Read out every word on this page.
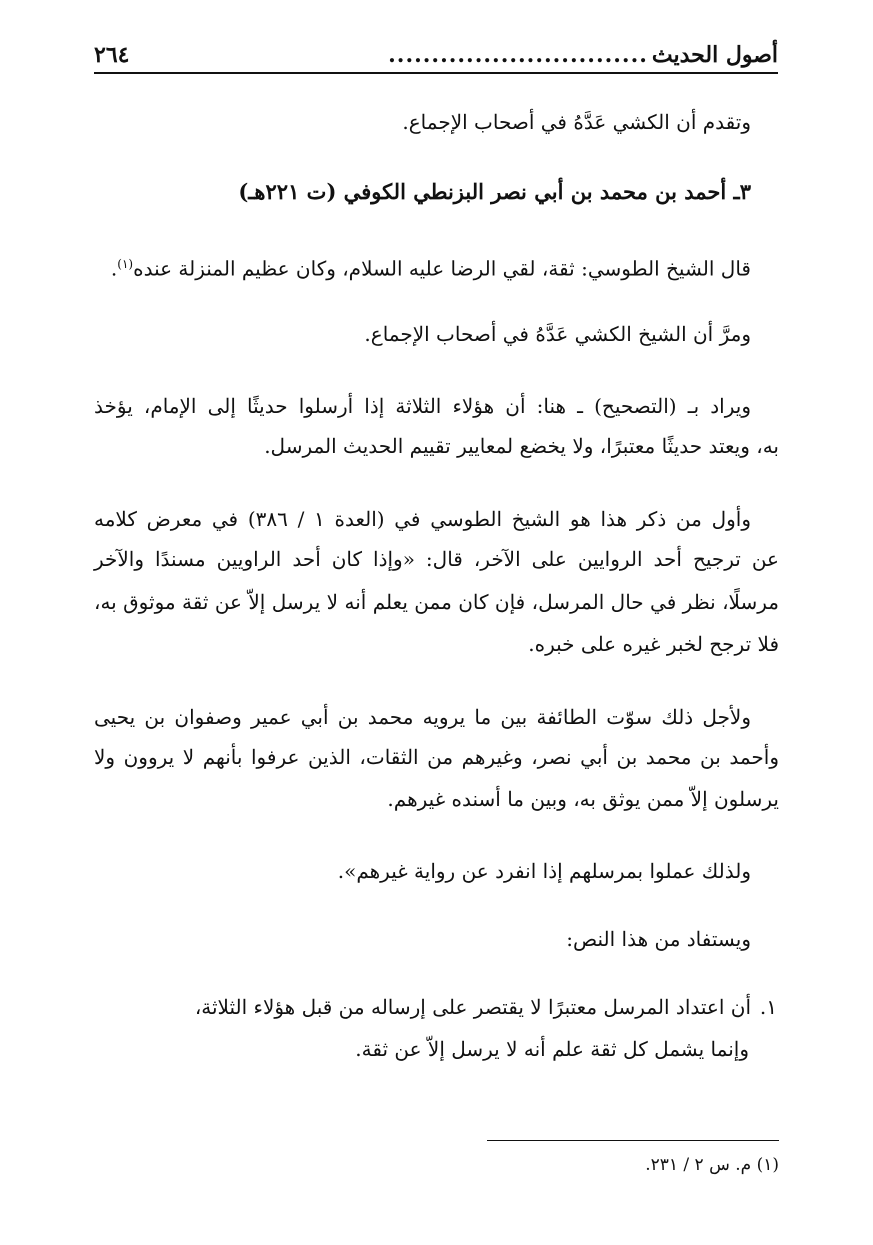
أصول الحديث
..............................
٢٦٤
وتقدم أن الكشي عَدَّهُ في أصحاب الإجماع.
٣ـ أحمد بن محمد بن أبي نصر البزنطي الكوفي (ت ٢٢١هـ)
قال الشيخ الطوسي: ثقة، لقي الرضا عليه السلام، وكان عظيم المنزلة عنده$^{(١)}$.
ومرَّ أن الشيخ الكشي عَدَّهُ في أصحاب الإجماع.
ويراد بـ (التصحيح) ـ هنا: أن هؤلاء الثلاثة إذا أرسلوا حديثًا إلى الإمام، يؤخذ
به، ويعتد حديثًا معتبرًا، ولا يخضع لمعايير تقييم الحديث المرسل.
وأول من ذكر هذا هو الشيخ الطوسي في (العدة ١ / ٣٨٦) في معرض كلامه
عن ترجيح أحد الروايين على الآخر، قال: «وإذا كان أحد الراويين مسندًا والآخر
مرسلًا، نظر في حال المرسل، فإن كان ممن يعلم أنه لا يرسل إلاّ عن ثقة موثوق به،
فلا ترجح لخبر غيره على خبره.
ولأجل ذلك سوّت الطائفة بين ما يرويه محمد بن أبي عمير وصفوان بن يحيى
وأحمد بن محمد بن أبي نصر، وغيرهم من الثقات، الذين عرفوا بأنهم لا يروون ولا
يرسلون إلاّ ممن يوثق به، وبين ما أسنده غيرهم.
ولذلك عملوا بمرسلهم إذا انفرد عن رواية غيرهم».
ويستفاد من هذا النص:
١.
أن اعتداد المرسل معتبرًا لا يقتصر على إرساله من قبل هؤلاء الثلاثة،
وإنما يشمل كل ثقة علم أنه لا يرسل إلاّ عن ثقة.
(١) م. س ٢ / ٢٣١.
